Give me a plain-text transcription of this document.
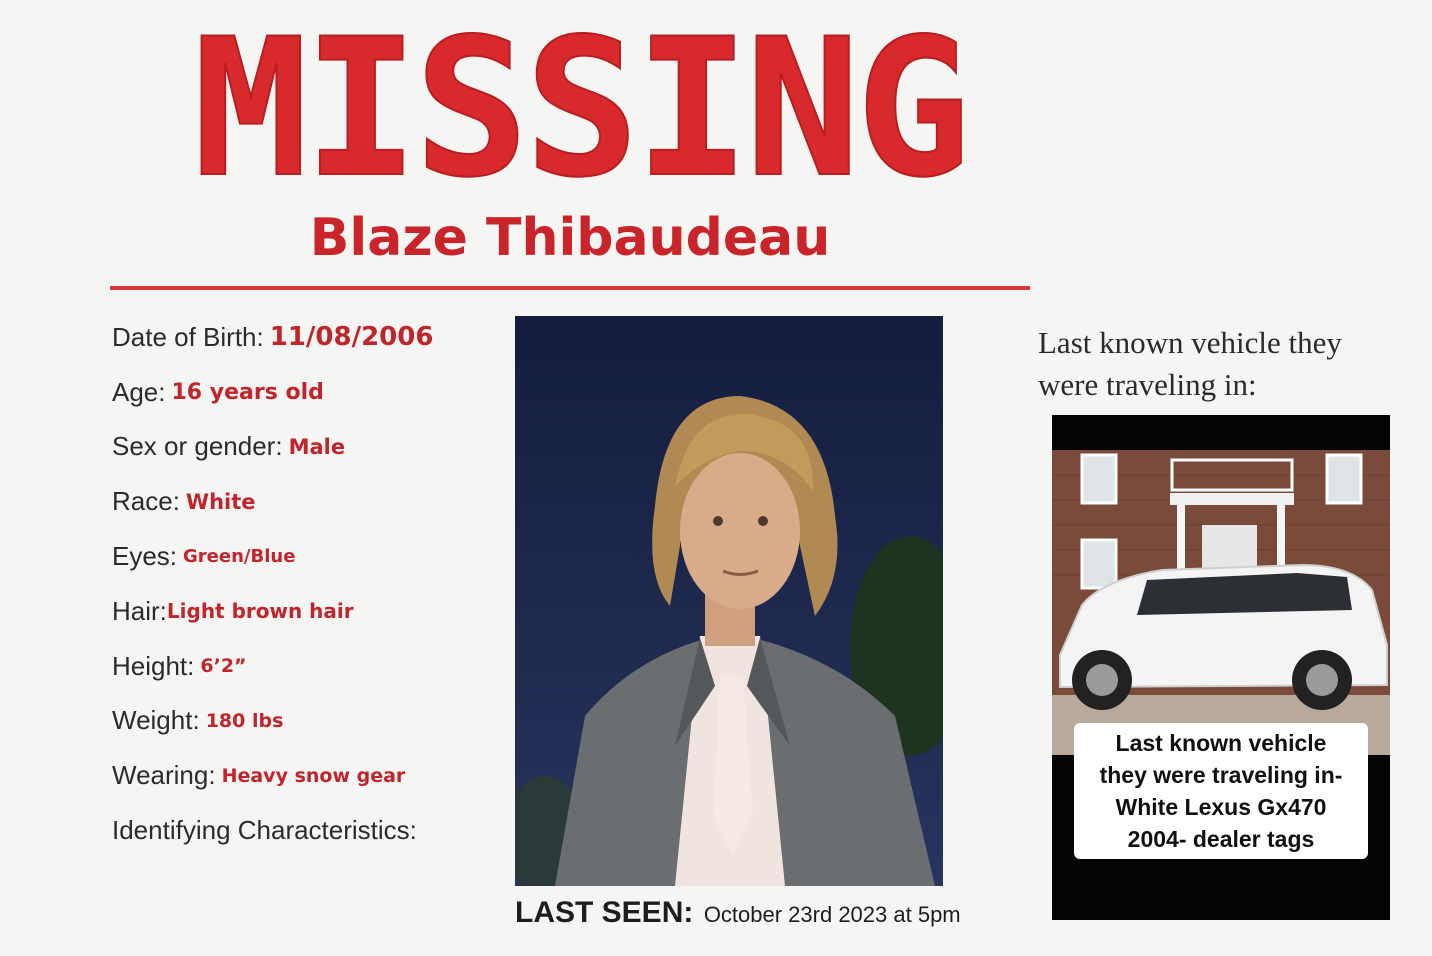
MISSING
Blaze Thibaudeau
Date of Birth: 11/08/2006
Age: 16 years old
Sex or gender: Male
Race: White
Eyes: Green/Blue
Hair: Light brown hair
Height: 6’2”
Weight: 180 lbs
Wearing: Heavy snow gear
Identifying Characteristics:
LAST SEEN: October 23rd 2023 at 5pm
Last known vehicle they
were traveling in:
Last known vehicle
they were traveling in-
White Lexus Gx470
2004- dealer tags
